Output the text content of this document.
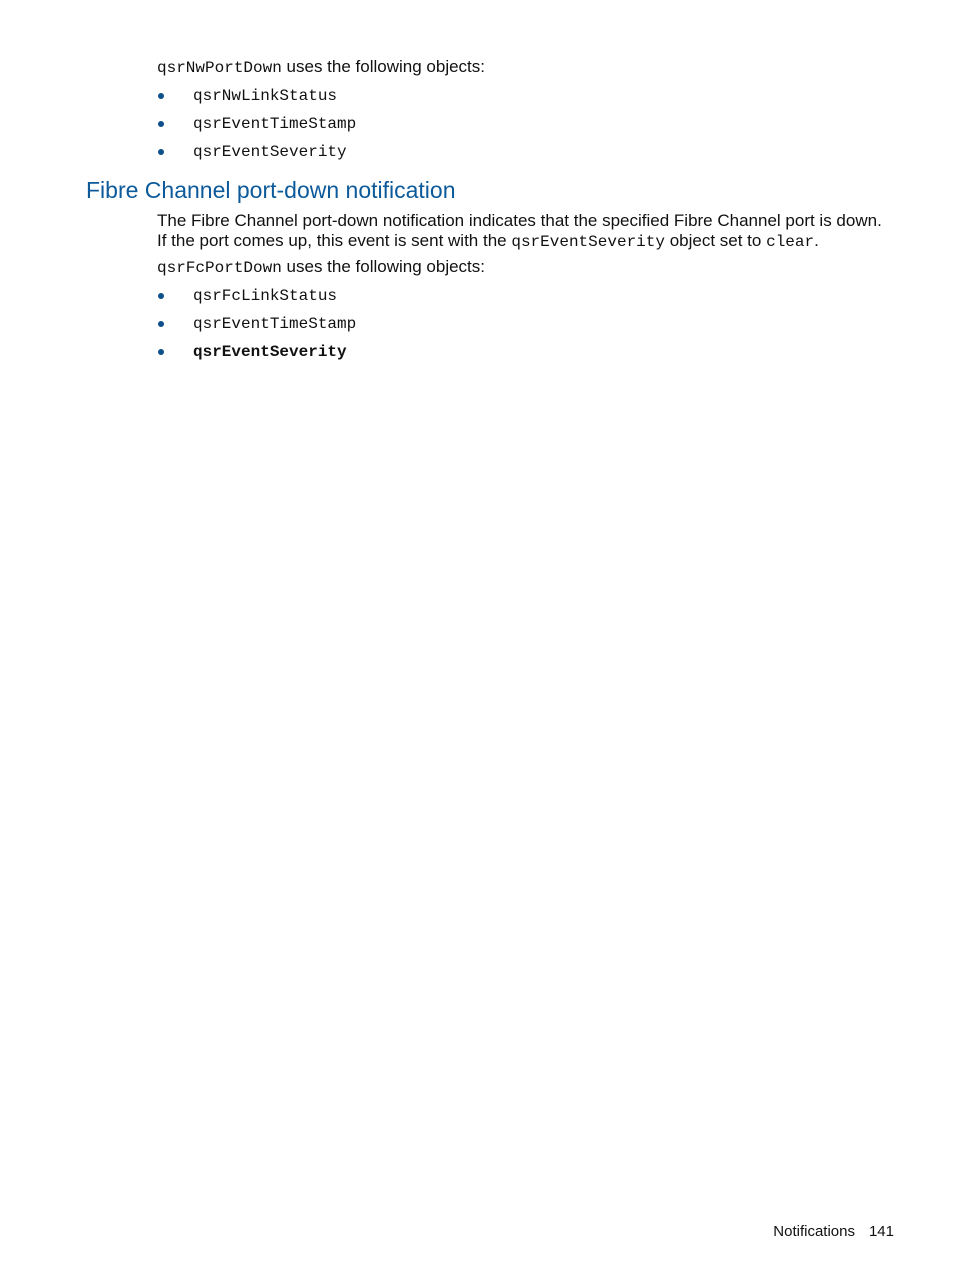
qsrNwPortDown uses the following objects:

qsrNwLinkStatus
qsrEventTimeStamp
qsrEventSeverity
Fibre Channel port-down notification

The Fibre Channel port-down notification indicates that the specified Fibre Channel port is down.
If the port comes up, this event is sent with the qsrEventSeverity object set to clear.

qsrFcPortDown uses the following objects:

qsrFcLinkStatus
qsrEventTimeStamp
qsrEventSeverity
Notifications 141
